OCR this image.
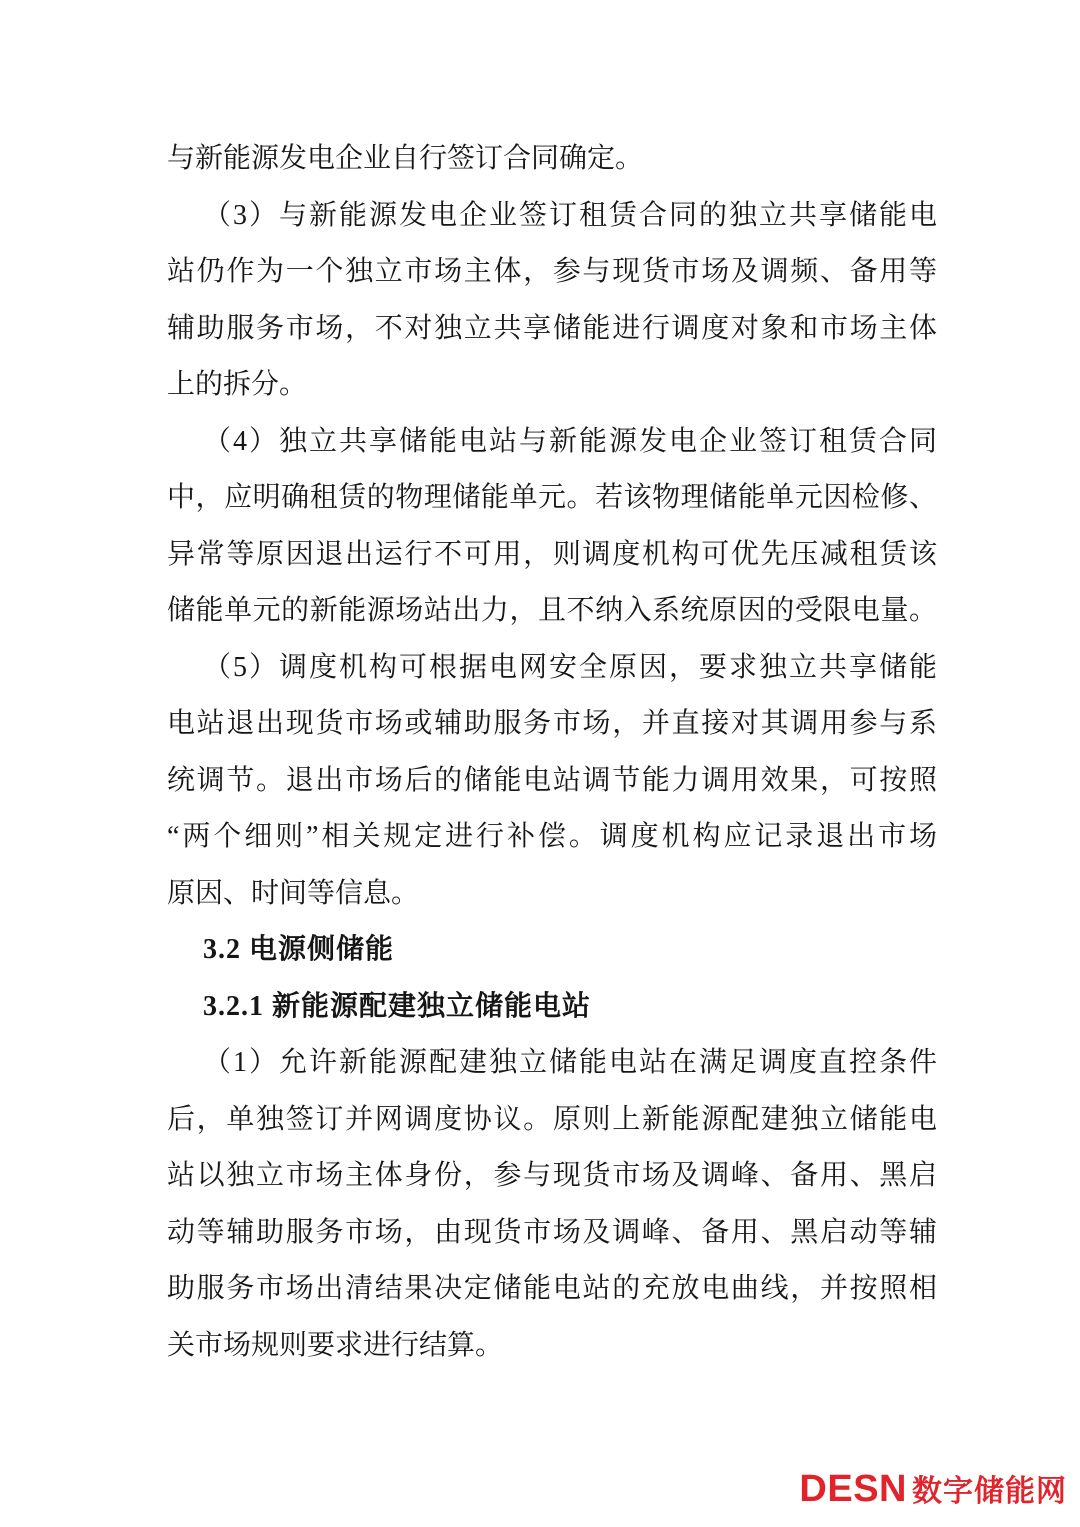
与新能源发电企业自行签订合同确定。
（3）与新能源发电企业签订租赁合同的独立共享储能电
站仍作为一个独立市场主体，参与现货市场及调频、备用等
辅助服务市场，不对独立共享储能进行调度对象和市场主体
上的拆分。
（4）独立共享储能电站与新能源发电企业签订租赁合同
中，应明确租赁的物理储能单元。若该物理储能单元因检修、
异常等原因退出运行不可用，则调度机构可优先压减租赁该
储能单元的新能源场站出力，且不纳入系统原因的受限电量。
（5）调度机构可根据电网安全原因，要求独立共享储能
电站退出现货市场或辅助服务市场，并直接对其调用参与系
统调节。退出市场后的储能电站调节能力调用效果，可按照
“两个细则”相关规定进行补偿。调度机构应记录退出市场
原因、时间等信息。
3.2 电源侧储能
3.2.1 新能源配建独立储能电站
（1）允许新能源配建独立储能电站在满足调度直控条件
后，单独签订并网调度协议。原则上新能源配建独立储能电
站以独立市场主体身份，参与现货市场及调峰、备用、黑启
动等辅助服务市场，由现货市场及调峰、备用、黑启动等辅
助服务市场出清结果决定储能电站的充放电曲线，并按照相
关市场规则要求进行结算。
DESN 数字储能网
